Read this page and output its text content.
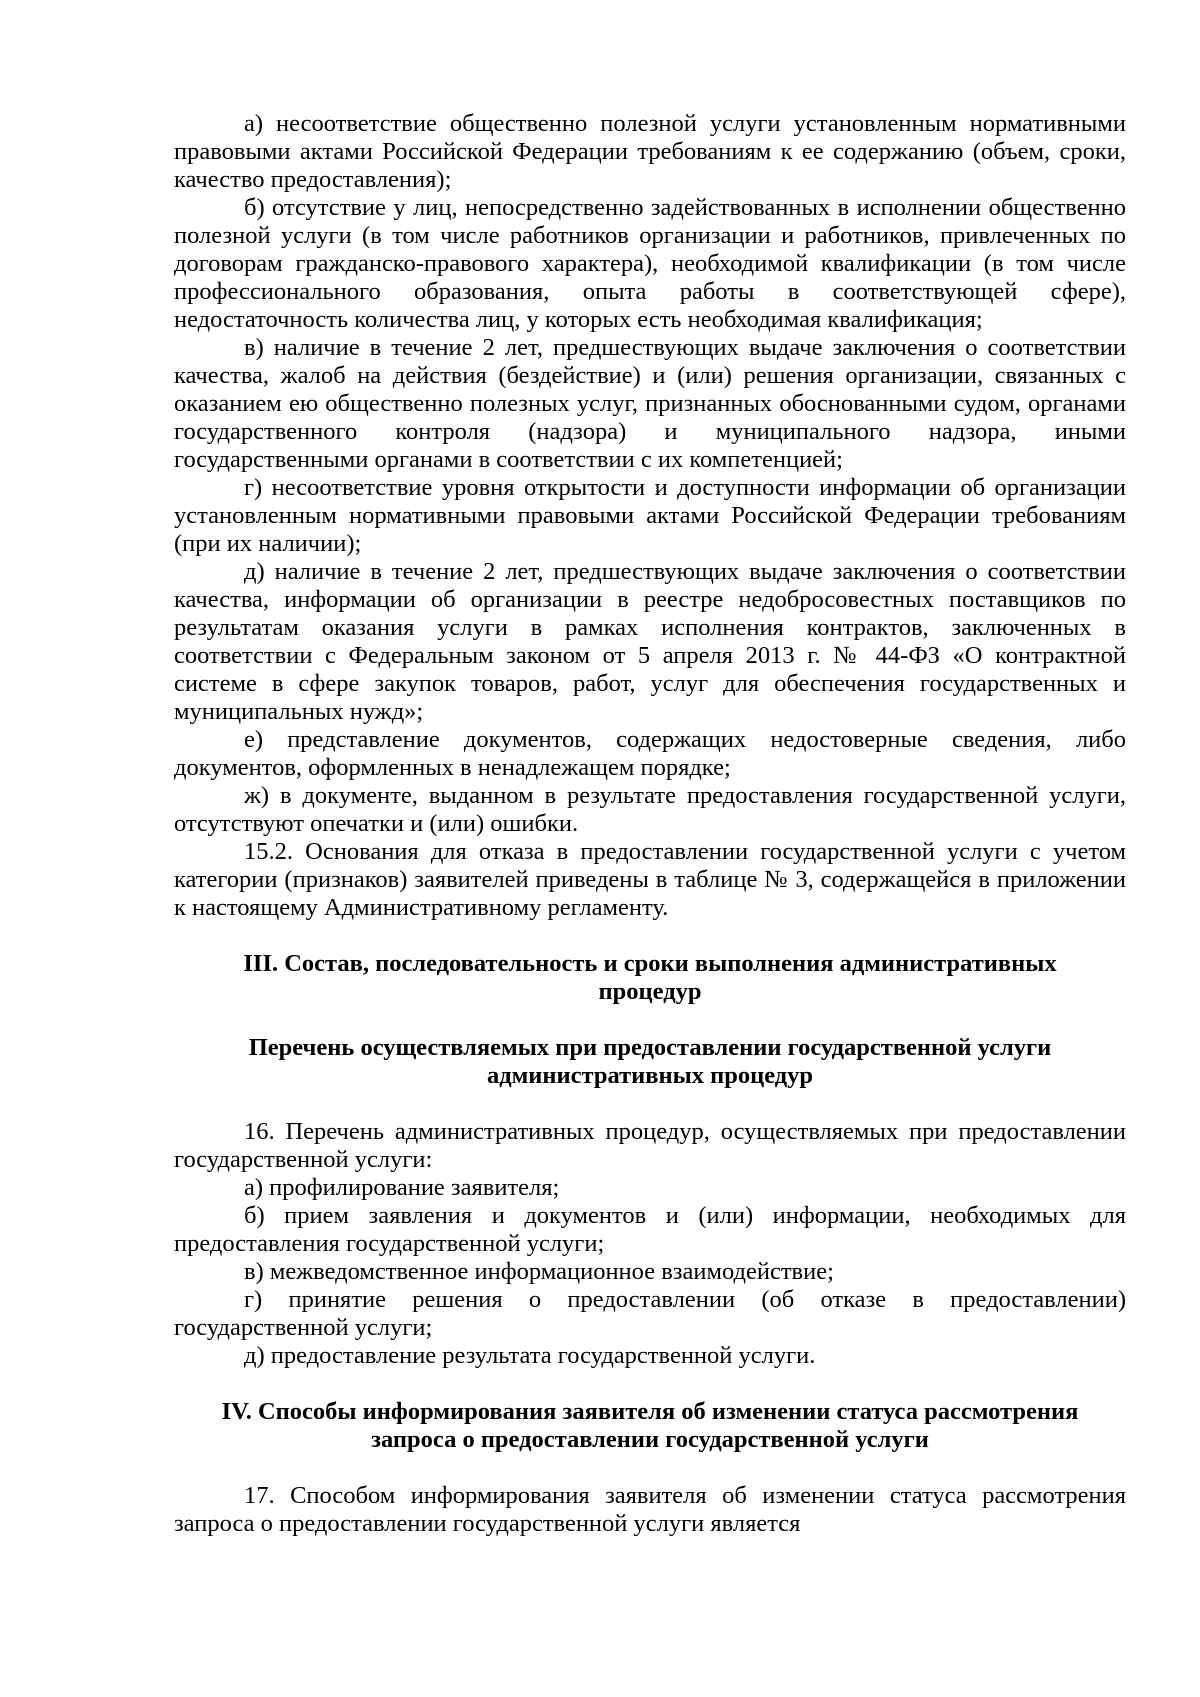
а) несоответствие общественно полезной услуги установленным нормативными правовыми актами Российской Федерации требованиям к ее содержанию (объем, сроки, качество предоставления);

б) отсутствие у лиц, непосредственно задействованных в исполнении общественно полезной услуги (в том числе работников организации и работников, привлеченных по договорам гражданско-правового характера), необходимой квалификации (в том числе профессионального образования, опыта работы в соответствующей сфере), недостаточность количества лиц, у которых есть необходимая квалификация;

в) наличие в течение 2 лет, предшествующих выдаче заключения о соответствии качества, жалоб на действия (бездействие) и (или) решения организации, связанных с оказанием ею общественно полезных услуг, признанных обоснованными судом, органами государственного контроля (надзора) и муниципального надзора, иными государственными органами в соответствии с их компетенцией;

г) несоответствие уровня открытости и доступности информации об организации установленным нормативными правовыми актами Российской Федерации требованиям (при их наличии);

д) наличие в течение 2 лет, предшествующих выдаче заключения о соответствии качества, информации об организации в реестре недобросовестных поставщиков по результатам оказания услуги в рамках исполнения контрактов, заключенных в соответствии с Федеральным законом от 5 апреля 2013 г. № 44-ФЗ «О контрактной системе в сфере закупок товаров, работ, услуг для обеспечения государственных и муниципальных нужд»;

е) представление документов, содержащих недостоверные сведения, либо документов, оформленных в ненадлежащем порядке;

ж) в документе, выданном в результате предоставления государственной услуги, отсутствуют опечатки и (или) ошибки.

15.2. Основания для отказа в предоставлении государственной услуги с учетом категории (признаков) заявителей приведены в таблице № 3, содержащейся в приложении к настоящему Административному регламенту.

III. Состав, последовательность и сроки выполнения административных процедур

Перечень осуществляемых при предоставлении государственной услуги административных процедур

16. Перечень административных процедур, осуществляемых при предоставлении государственной услуги:

а) профилирование заявителя;

б) прием заявления и документов и (или) информации, необходимых для предоставления государственной услуги;

в) межведомственное информационное взаимодействие;

г) принятие решения о предоставлении (об отказе в предоставлении) государственной услуги;

д) предоставление результата государственной услуги.

IV. Способы информирования заявителя об изменении статуса рассмотрения запроса о предоставлении государственной услуги

17. Способом информирования заявителя об изменении статуса рассмотрения запроса о предоставлении государственной услуги является
